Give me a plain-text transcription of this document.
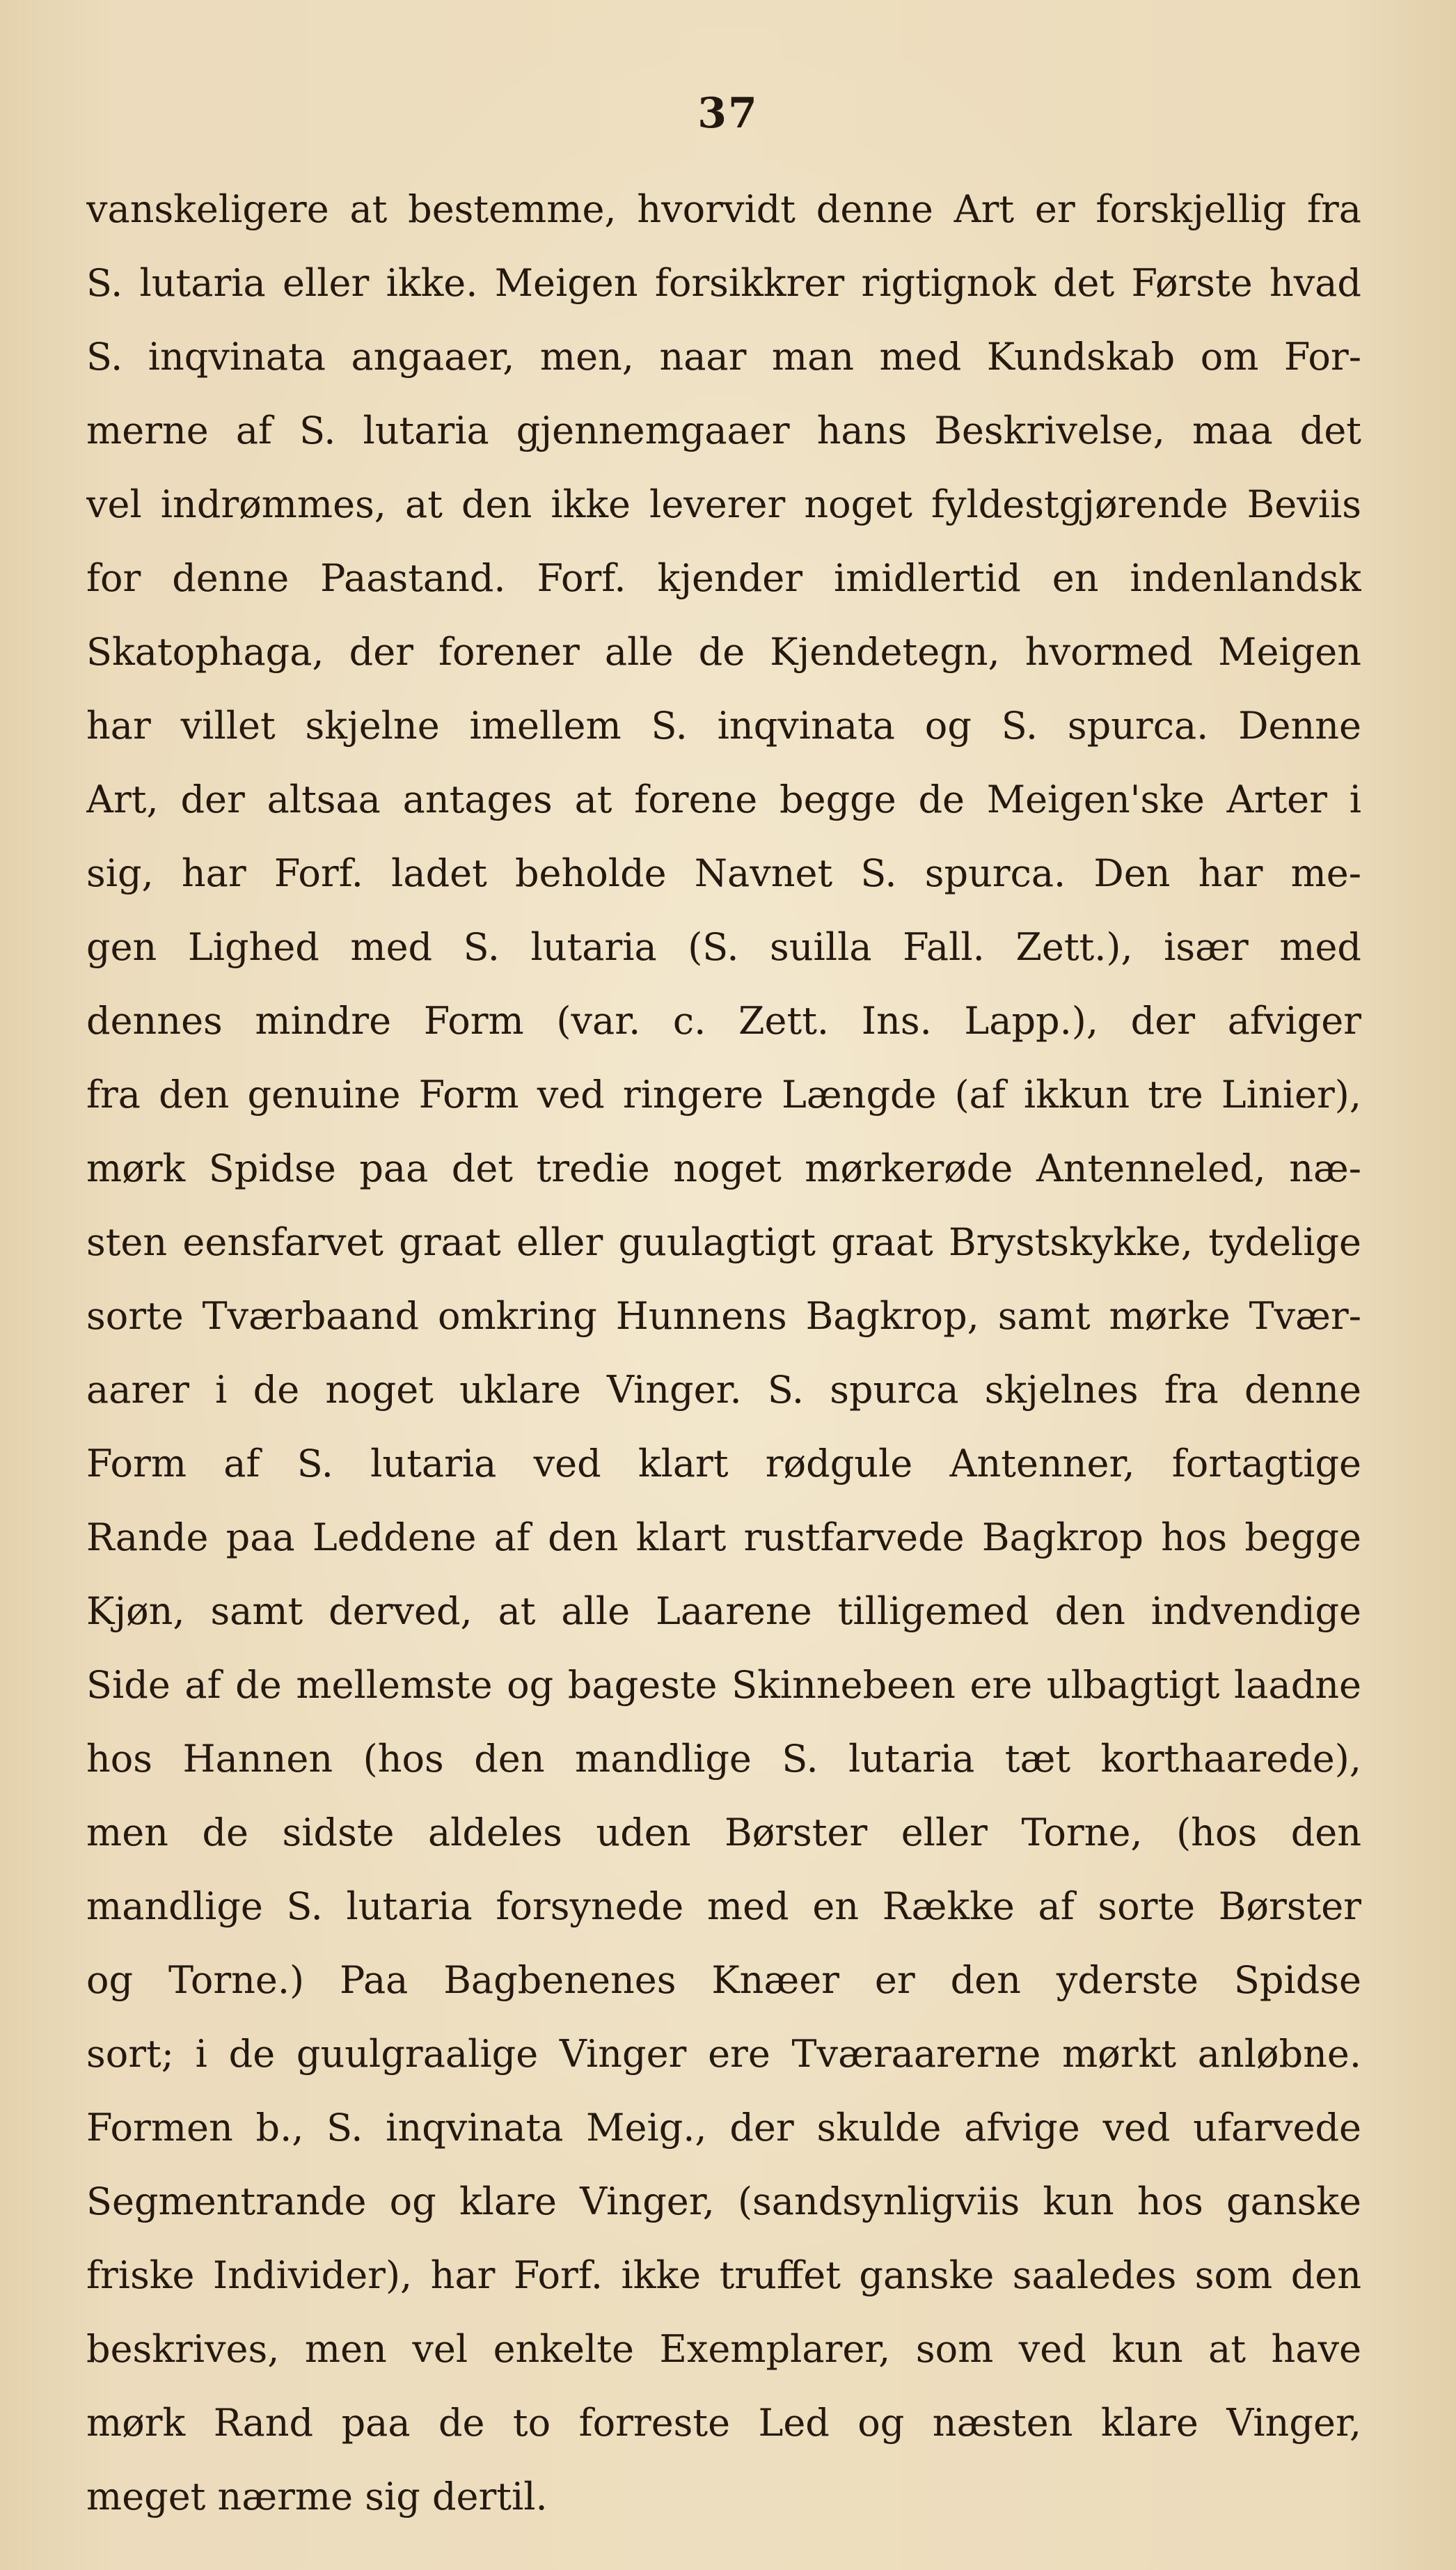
37
vanskeligere at bestemme, hvorvidt denne Art er forskjellig fra
S. lutaria eller ikke. Meigen forsikkrer rigtignok det Første hvad
S. inqvinata angaaer, men, naar man med Kundskab om For-
merne af S. lutaria gjennemgaaer hans Beskrivelse, maa det
vel indrømmes, at den ikke leverer noget fyldestgjørende Beviis
for denne Paastand. Forf. kjender imidlertid en indenlandsk
Skatophaga, der forener alle de Kjendetegn, hvormed Meigen
har villet skjelne imellem S. inqvinata og S. spurca. Denne
Art, der altsaa antages at forene begge de Meigen'ske Arter i
sig, har Forf. ladet beholde Navnet S. spurca. Den har me-
gen Lighed med S. lutaria (S. suilla Fall. Zett.), især med
dennes mindre Form (var. c. Zett. Ins. Lapp.), der afviger
fra den genuine Form ved ringere Længde (af ikkun tre Linier),
mørk Spidse paa det tredie noget mørkerøde Antenneled, næ-
sten eensfarvet graat eller guulagtigt graat Brystskykke, tydelige
sorte Tværbaand omkring Hunnens Bagkrop, samt mørke Tvær-
aarer i de noget uklare Vinger. S. spurca skjelnes fra denne
Form af S. lutaria ved klart rødgule Antenner, fortagtige
Rande paa Leddene af den klart rustfarvede Bagkrop hos begge
Kjøn, samt derved, at alle Laarene tilligemed den indvendige
Side af de mellemste og bageste Skinnebeen ere ulbagtigt laadne
hos Hannen (hos den mandlige S. lutaria tæt korthaarede),
men de sidste aldeles uden Børster eller Torne, (hos den
mandlige S. lutaria forsynede med en Række af sorte Børster
og Torne.) Paa Bagbenenes Knæer er den yderste Spidse
sort; i de guulgraalige Vinger ere Tværaarerne mørkt anløbne.
Formen b., S. inqvinata Meig., der skulde afvige ved ufarvede
Segmentrande og klare Vinger, (sandsynligviis kun hos ganske
friske Individer), har Forf. ikke truffet ganske saaledes som den
beskrives, men vel enkelte Exemplarer, som ved kun at have
mørk Rand paa de to forreste Led og næsten klare Vinger,
meget nærme sig dertil.
